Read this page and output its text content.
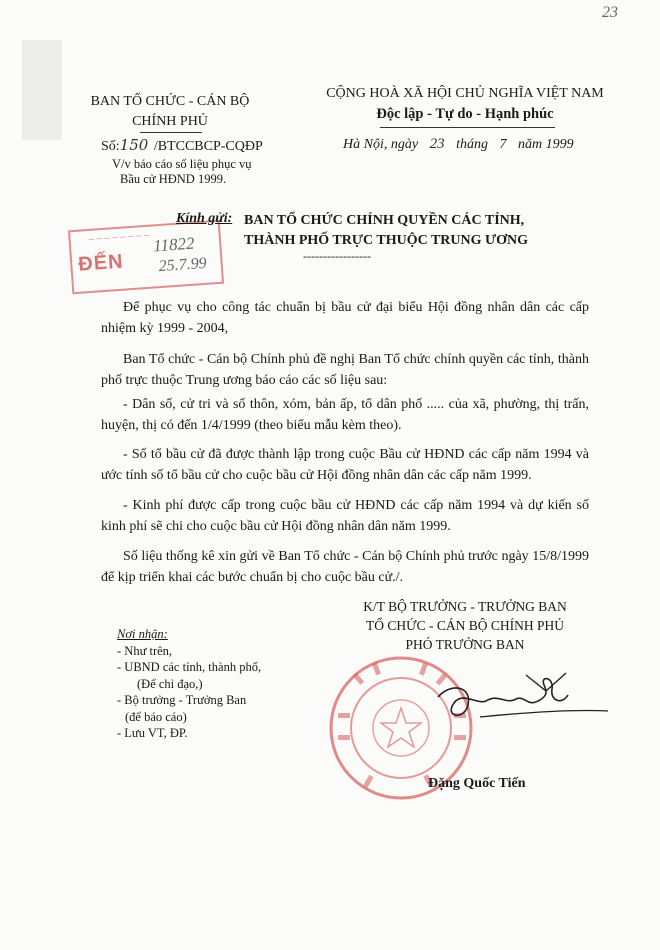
23
BAN TỔ CHỨC - CÁN BỘ
CHÍNH PHỦ
CỘNG HOÀ XÃ HỘI CHỦ NGHĨA VIỆT NAM
Độc lập - Tự do - Hạnh phúc
Số:150 /BTCCBCP-CQĐP
V/v báo cáo số liệu phục vụ
Bầu cử HĐND 1999.
Hà Nội, ngày 23 tháng 7 năm 1999
─ ─ ─ ─ ─ ─ ─ ─
ĐẾN
11822
25.7.99
Kính gửi: BAN TỔ CHỨC CHÍNH QUYỀN CÁC TỈNH,
THÀNH PHỐ TRỰC THUỘC TRUNG ƯƠNG
-----------------
Để phục vụ cho công tác chuẩn bị bầu cử đại biểu Hội đồng nhân dân các cấp nhiệm kỳ 1999 - 2004,
Ban Tổ chức - Cán bộ Chính phủ đề nghị Ban Tổ chức chính quyền các tỉnh, thành phố trực thuộc Trung ương báo cáo các số liệu sau:
- Dân số, cử tri và số thôn, xóm, bản ấp, tổ dân phố ..... của xã, phường, thị trấn, huyện, thị có đến 1/4/1999 (theo biểu mẫu kèm theo).
- Số tổ bầu cử đã được thành lập trong cuộc Bầu cử HĐND các cấp năm 1994 và ước tính số tổ bầu cử cho cuộc bầu cử Hội đồng nhân dân các cấp năm 1999.
- Kinh phí được cấp trong cuộc bầu cử HĐND các cấp năm 1994 và dự kiến số kinh phí sẽ chi cho cuộc bầu cử Hội đồng nhân dân năm 1999.
Số liệu thống kê xin gửi về Ban Tổ chức - Cán bộ Chính phủ trước ngày 15/8/1999 để kịp triển khai các bước chuẩn bị cho cuộc bầu cử./.
K/T BỘ TRƯỞNG - TRƯỞNG BAN
TỔ CHỨC - CÁN BỘ CHÍNH PHỦ
PHÓ TRƯỞNG BAN
Đặng Quốc Tiến
Nơi nhận:
- Như trên,
- UBND các tỉnh, thành phố,
(Để chỉ đạo,)
- Bộ trưởng - Trưởng Ban
(để báo cáo)
- Lưu VT, ĐP.
